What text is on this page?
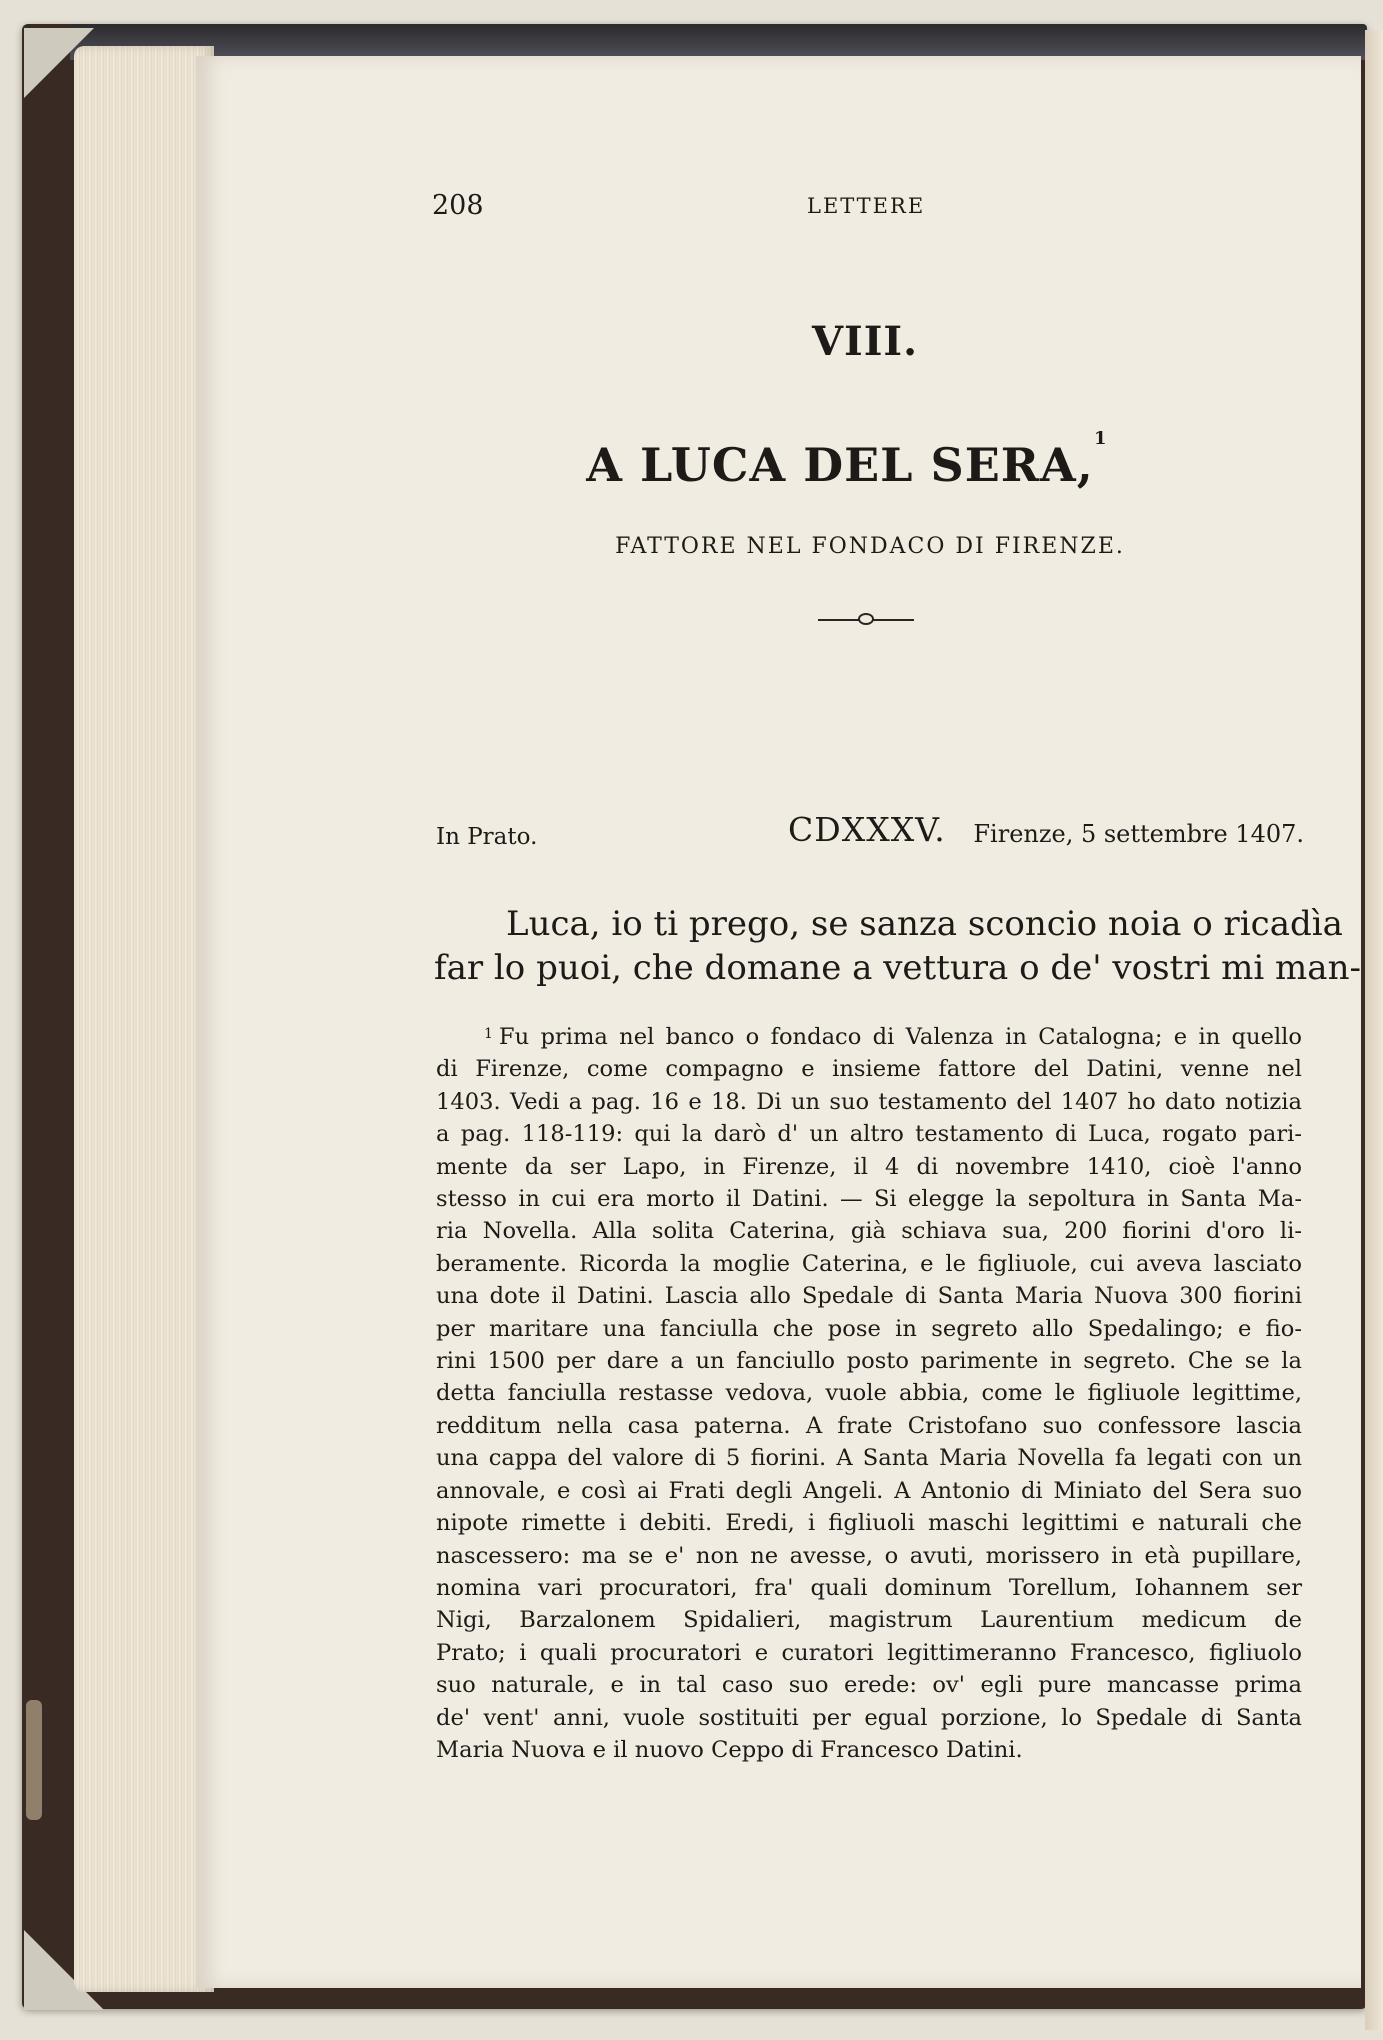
208	LETTERE
VIII.
A LUCA DEL SERA, 1
FATTORE NEL FONDACO DI FIRENZE.
In Prato.	CDXXXV. Firenze, 5 settembre 1407.
Luca, io ti prego, se sanza sconcio noia o ricadìa
far lo puoi, che domane a vettura o de' vostri mi man-
$^1$ Fu prima nel banco o fondaco di Valenza in Catalogna; e in quello
di Firenze, come compagno e insieme fattore del Datini, venne nel
1403. Vedi a pag. 16 e 18. Di un suo testamento del 1407 ho dato notizia
a pag. 118-119: qui la darò d' un altro testamento di Luca, rogato pari-
mente da ser Lapo, in Firenze, il 4 di novembre 1410, cioè l'anno
stesso in cui era morto il Datini. — Si elegge la sepoltura in Santa Ma-
ria Novella. Alla solita Caterina, già schiava sua, 200 fiorini d'oro li-
beramente. Ricorda la moglie Caterina, e le figliuole, cui aveva lasciato
una dote il Datini. Lascia allo Spedale di Santa Maria Nuova 300 fiorini
per maritare una fanciulla che pose in segreto allo Spedalingo; e fio-
rini 1500 per dare a un fanciullo posto parimente in segreto. Che se la
detta fanciulla restasse vedova, vuole abbia, come le figliuole legittime,
redditum nella casa paterna. A frate Cristofano suo confessore lascia
una cappa del valore di 5 fiorini. A Santa Maria Novella fa legati con un
annovale, e così ai Frati degli Angeli. A Antonio di Miniato del Sera suo
nipote rimette i debiti. Eredi, i figliuoli maschi legittimi e naturali che
nascessero: ma se e' non ne avesse, o avuti, morissero in età pupillare,
nomina vari procuratori, fra' quali dominum Torellum, Iohannem ser
Nigi, Barzalonem Spidalieri, magistrum Laurentium medicum de
Prato; i quali procuratori e curatori legittimeranno Francesco, figliuolo
suo naturale, e in tal caso suo erede: ov' egli pure mancasse prima
de' vent' anni, vuole sostituiti per egual porzione, lo Spedale di Santa
Maria Nuova e il nuovo Ceppo di Francesco Datini.
